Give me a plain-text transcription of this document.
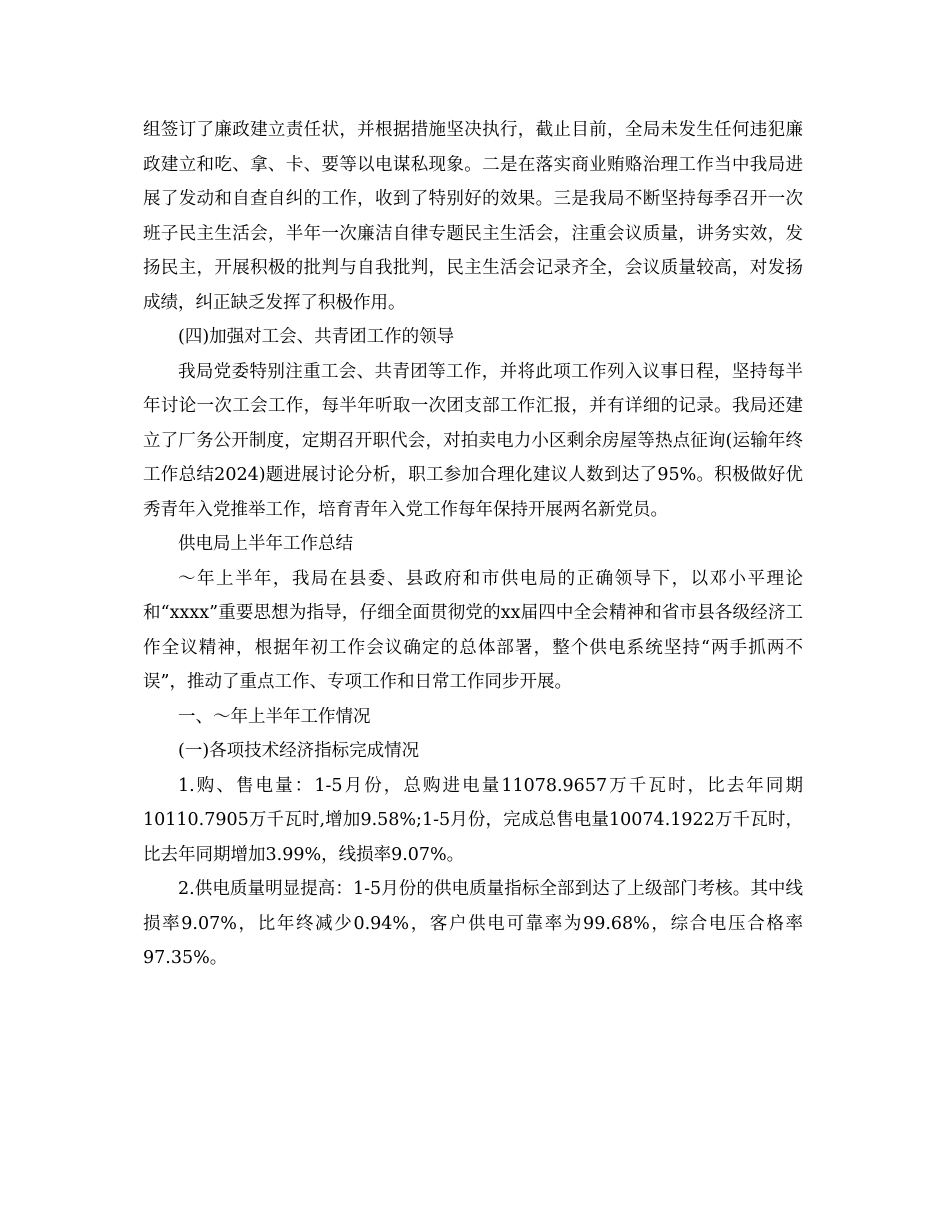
组签订了廉政建立责任状，并根据措施坚决执行，截止目前，全局未发生任何违犯廉政建立和吃、拿、卡、要等以电谋私现象。二是在落实商业贿赂治理工作当中我局进展了发动和自查自纠的工作，收到了特别好的效果。三是我局不断坚持每季召开一次班子民主生活会，半年一次廉洁自律专题民主生活会，注重会议质量，讲务实效，发扬民主，开展积极的批判与自我批判，民主生活会记录齐全，会议质量较高，对发扬成绩，纠正缺乏发挥了积极作用。

(四)加强对工会、共青团工作的领导

我局党委特别注重工会、共青团等工作，并将此项工作列入议事日程，坚持每半年讨论一次工会工作，每半年听取一次团支部工作汇报，并有详细的记录。我局还建立了厂务公开制度，定期召开职代会，对拍卖电力小区剩余房屋等热点征询(运输年终工作总结2024)题进展讨论分析，职工参加合理化建议人数到达了95%。积极做好优秀青年入党推举工作，培育青年入党工作每年保持开展两名新党员。

供电局上半年工作总结

～年上半年，我局在县委、县政府和市供电局的正确领导下，以邓小平理论和“xxxx”重要思想为指导，仔细全面贯彻党的xx届四中全会精神和省市县各级经济工作全议精神，根据年初工作会议确定的总体部署，整个供电系统坚持“两手抓两不误”，推动了重点工作、专项工作和日常工作同步开展。

一、～年上半年工作情况

(一)各项技术经济指标完成情况

1.购、售电量：1-5月份，总购进电量11078.9657万千瓦时，比去年同期10110.7905万千瓦时,增加9.58%;1-5月份，完成总售电量10074.1922万千瓦时，比去年同期增加3.99%，线损率9.07%。

2.供电质量明显提高：1-5月份的供电质量指标全部到达了上级部门考核。其中线损率9.07%，比年终减少0.94%，客户供电可靠率为99.68%，综合电压合格率97.35%。
